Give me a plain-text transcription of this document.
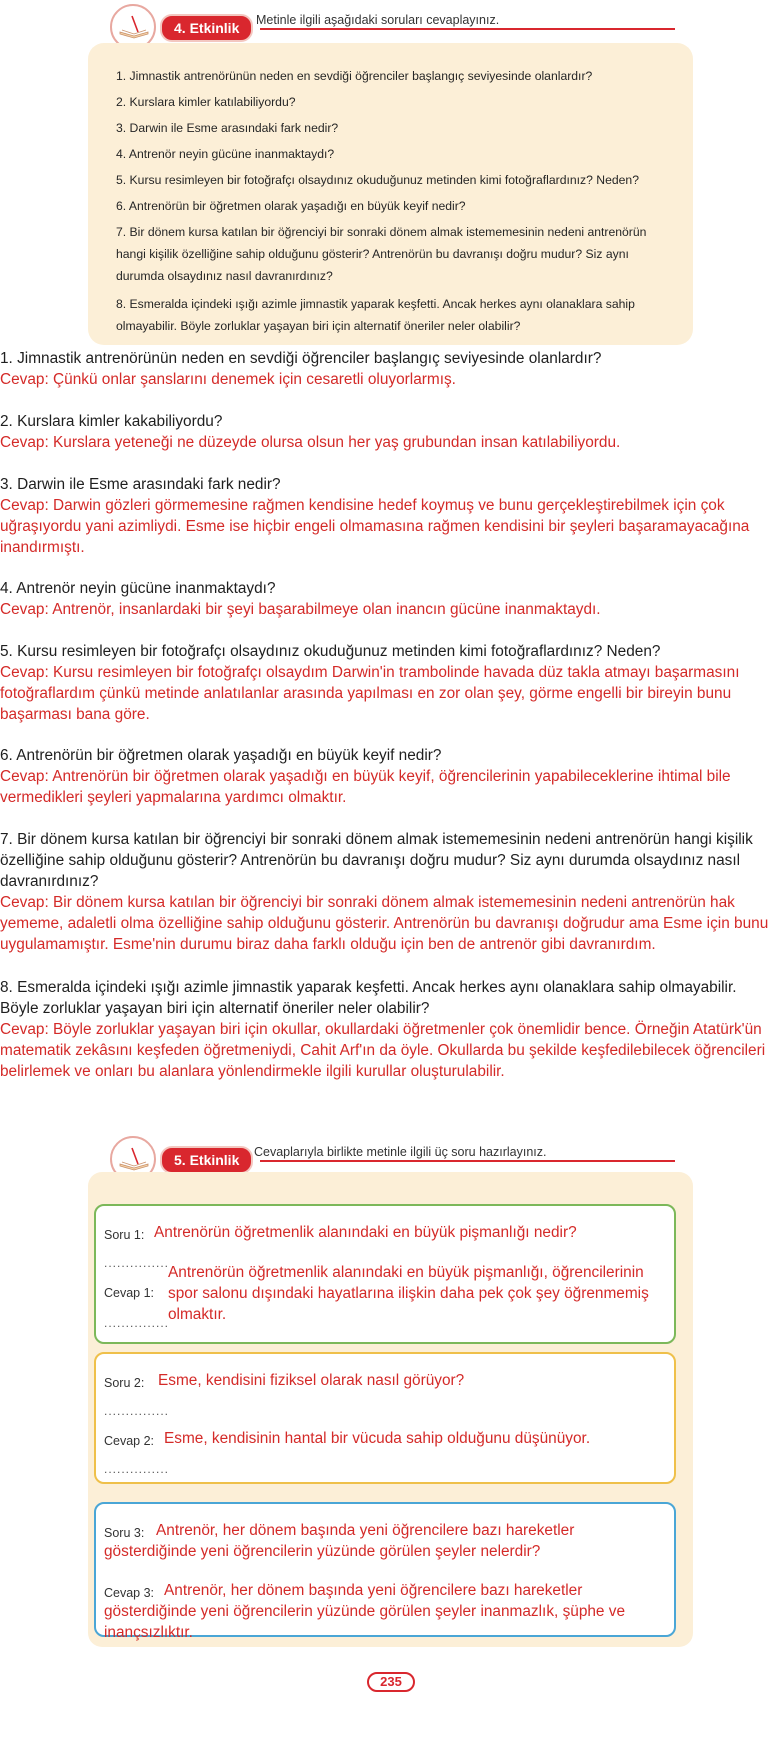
4. Etkinlik	Metinle ilgili aşağıdaki soruları cevaplayınız.
1. Jimnastik antrenörünün neden en sevdiği öğrenciler başlangıç seviyesinde olanlardır?
2. Kurslara kimler katılabiliyordu?
3. Darwin ile Esme arasındaki fark nedir?
4. Antrenör neyin gücüne inanmaktaydı?
5. Kursu resimleyen bir fotoğrafçı olsaydınız okuduğunuz metinden kimi fotoğraflardınız? Neden?
6. Antrenörün bir öğretmen olarak yaşadığı en büyük keyif nedir?
7. Bir dönem kursa katılan bir öğrenciyi bir sonraki dönem almak istememesinin nedeni antrenörün hangi kişilik özelliğine sahip olduğunu gösterir? Antrenörün bu davranışı doğru mudur? Siz aynı durumda olsaydınız nasıl davranırdınız?
8. Esmeralda içindeki ışığı azimle jimnastik yaparak keşfetti. Ancak herkes aynı olanaklara sahip olmayabilir. Böyle zorluklar yaşayan biri için alternatif öneriler neler olabilir?

1. Jimnastik antrenörünün neden en sevdiği öğrenciler başlangıç seviyesinde olanlardır?

Cevap: Çünkü onlar şanslarını denemek için cesaretli oluyorlarmış.

2. Kurslara kimler kakabiliyordu?

Cevap: Kurslara yeteneği ne düzeyde olursa olsun her yaş grubundan insan katılabiliyordu.

3. Darwin ile Esme arasındaki fark nedir?

Cevap: Darwin gözleri görmemesine rağmen kendisine hedef koymuş ve bunu gerçekleştirebilmek için çok uğraşıyordu yani azimliydi. Esme ise hiçbir engeli olmamasına rağmen kendisini bir şeyleri başaramayacağına inandırmıştı.

4. Antrenör neyin gücüne inanmaktaydı?

Cevap: Antrenör, insanlardaki bir şeyi başarabilmeye olan inancın gücüne inanmaktaydı.

5. Kursu resimleyen bir fotoğrafçı olsaydınız okuduğunuz metinden kimi fotoğraflardınız? Neden?

Cevap: Kursu resimleyen bir fotoğrafçı olsaydım Darwin'in trambolinde havada düz takla atmayı başarmasını fotoğraflardım çünkü metinde anlatılanlar arasında yapılması en zor olan şey, görme engelli bir bireyin bunu başarması bana göre.

6. Antrenörün bir öğretmen olarak yaşadığı en büyük keyif nedir?

Cevap: Antrenörün bir öğretmen olarak yaşadığı en büyük keyif, öğrencilerinin yapabileceklerine ihtimal bile vermedikleri şeyleri yapmalarına yardımcı olmaktır.

7. Bir dönem kursa katılan bir öğrenciyi bir sonraki dönem almak istememesinin nedeni antrenörün hangi kişilik özelliğine sahip olduğunu gösterir? Antrenörün bu davranışı doğru mudur? Siz aynı durumda olsaydınız nasıl davranırdınız?

Cevap: Bir dönem kursa katılan bir öğrenciyi bir sonraki dönem almak istememesinin nedeni antrenörün hak yememe, adaletli olma özelliğine sahip olduğunu gösterir. Antrenörün bu davranışı doğrudur ama Esme için bunu uygulamamıştır. Esme'nin durumu biraz daha farklı olduğu için ben de antrenör gibi davranırdım.

8. Esmeralda içindeki ışığı azimle jimnastik yaparak keşfetti. Ancak herkes aynı olanaklara sahip olmayabilir. Böyle zorluklar yaşayan biri için alternatif öneriler neler olabilir?

Cevap: Böyle zorluklar yaşayan biri için okullar, okullardaki öğretmenler çok önemlidir bence. Örneğin Atatürk'ün matematik zekâsını keşfeden öğretmeniydi, Cahit Arf'ın da öyle. Okullarda bu şekilde keşfedilebilecek öğrencileri belirlemek ve onları bu alanlara yönlendirmekle ilgili kurullar oluşturulabilir.

5. Etkinlik	Cevaplarıyla birlikte metinle ilgili üç soru hazırlayınız.
Soru 1: Antrenörün öğretmenlik alanındaki en büyük pişmanlığı nedir?
...............
Cevap 1:
Antrenörün öğretmenlik alanındaki en büyük pişmanlığı, öğrencilerinin spor salonu dışındaki hayatlarına ilişkin daha pek çok şey öğrenmemiş olmaktır.
...............
Soru 2: Esme, kendisini fiziksel olarak nasıl görüyor?
...............
Cevap 2: Esme, kendisinin hantal bir vücuda sahip olduğunu düşünüyor.
...............
Soru 3: Antrenör, her dönem başında yeni öğrencilere bazı hareketler gösterdiğinde yeni öğrencilerin yüzünde görülen şeyler nelerdir?
Cevap 3: Antrenör, her dönem başında yeni öğrencilere bazı hareketler gösterdiğinde yeni öğrencilerin yüzünde görülen şeyler inanmazlık, şüphe ve inançsızlıktır.
235
